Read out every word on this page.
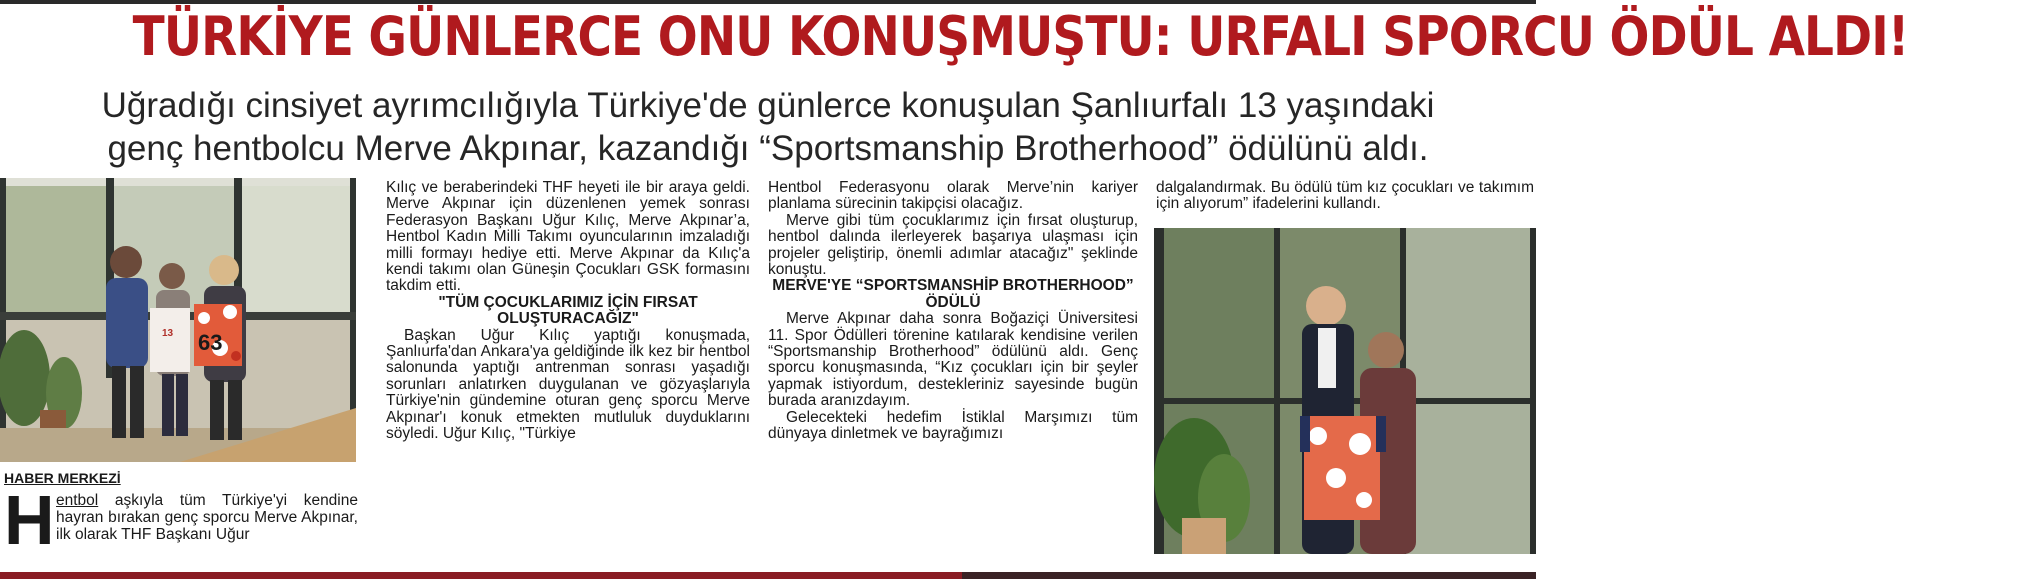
TÜRKİYE GÜNLERCE ONU KONUŞMUŞTU: URFALI SPORCU ÖDÜL ALDI!
Uğradığı cinsiyet ayrımcılığıyla Türkiye'de günlerce konuşulan Şanlıurfalı 13 yaşındaki
genç hentbolcu Merve Akpınar, kazandığı “Sportsmanship Brotherhood” ödülünü aldı.
63
13
HABER MERKEZİ
H entbol aşkıyla tüm Türkiye'yi kendine hayran bırakan genç sporcu Merve Akpınar, ilk olarak THF Başkanı Uğur

Kılıç ve beraberindeki THF heyeti ile bir araya geldi. Merve Akpınar için düzenlenen yemek sonrası Federasyon Başkanı Uğur Kılıç, Merve Akpınar’a, Hentbol Kadın Milli Takımı oyuncularının imzaladığı milli formayı hediye etti. Merve Akpınar da Kılıç'a kendi takımı olan Güneşin Çocukları GSK formasını takdim etti.

"TÜM ÇOCUKLARIMIZ İÇİN FIRSAT OLUŞTURACAĞIZ"

Başkan Uğur Kılıç yaptığı konuşmada, Şanlıurfa'dan Ankara'ya geldiğinde ilk kez bir hentbol salonunda yaptığı antrenman sonrası yaşadığı sorunları anlatırken duygulanan ve gözyaşlarıyla Türkiye'nin gündemine oturan genç sporcu Merve Akpınar'ı konuk etmekten mutluluk duyduklarını söyledi. Uğur Kılıç, "Türkiye

Hentbol Federasyonu olarak Merve’nin kariyer planlama sürecinin takipçisi olacağız.

Merve gibi tüm çocuklarımız için fırsat oluşturup, hentbol dalında ilerleyerek başarıya ulaşması için projeler geliştirip, önemli adımlar atacağız" şeklinde konuştu.

MERVE'YE “SPORTSMANSHİP BROTHERHOOD” ÖDÜLÜ

Merve Akpınar daha sonra Boğaziçi Üniversitesi 11. Spor Ödülleri törenine katılarak kendisine verilen “Sportsmanship Brotherhood” ödülünü aldı. Genç sporcu konuşmasında, “Kız çocukları için bir şeyler yapmak istiyordum, destekleriniz sayesinde bugün burada aranızdayım.

Gelecekteki hedefim İstiklal Marşımızı tüm dünyaya dinletmek ve bayrağımızı

dalgalandırmak. Bu ödülü tüm kız çocukları ve takımım için alıyorum” ifadelerini kullandı.
